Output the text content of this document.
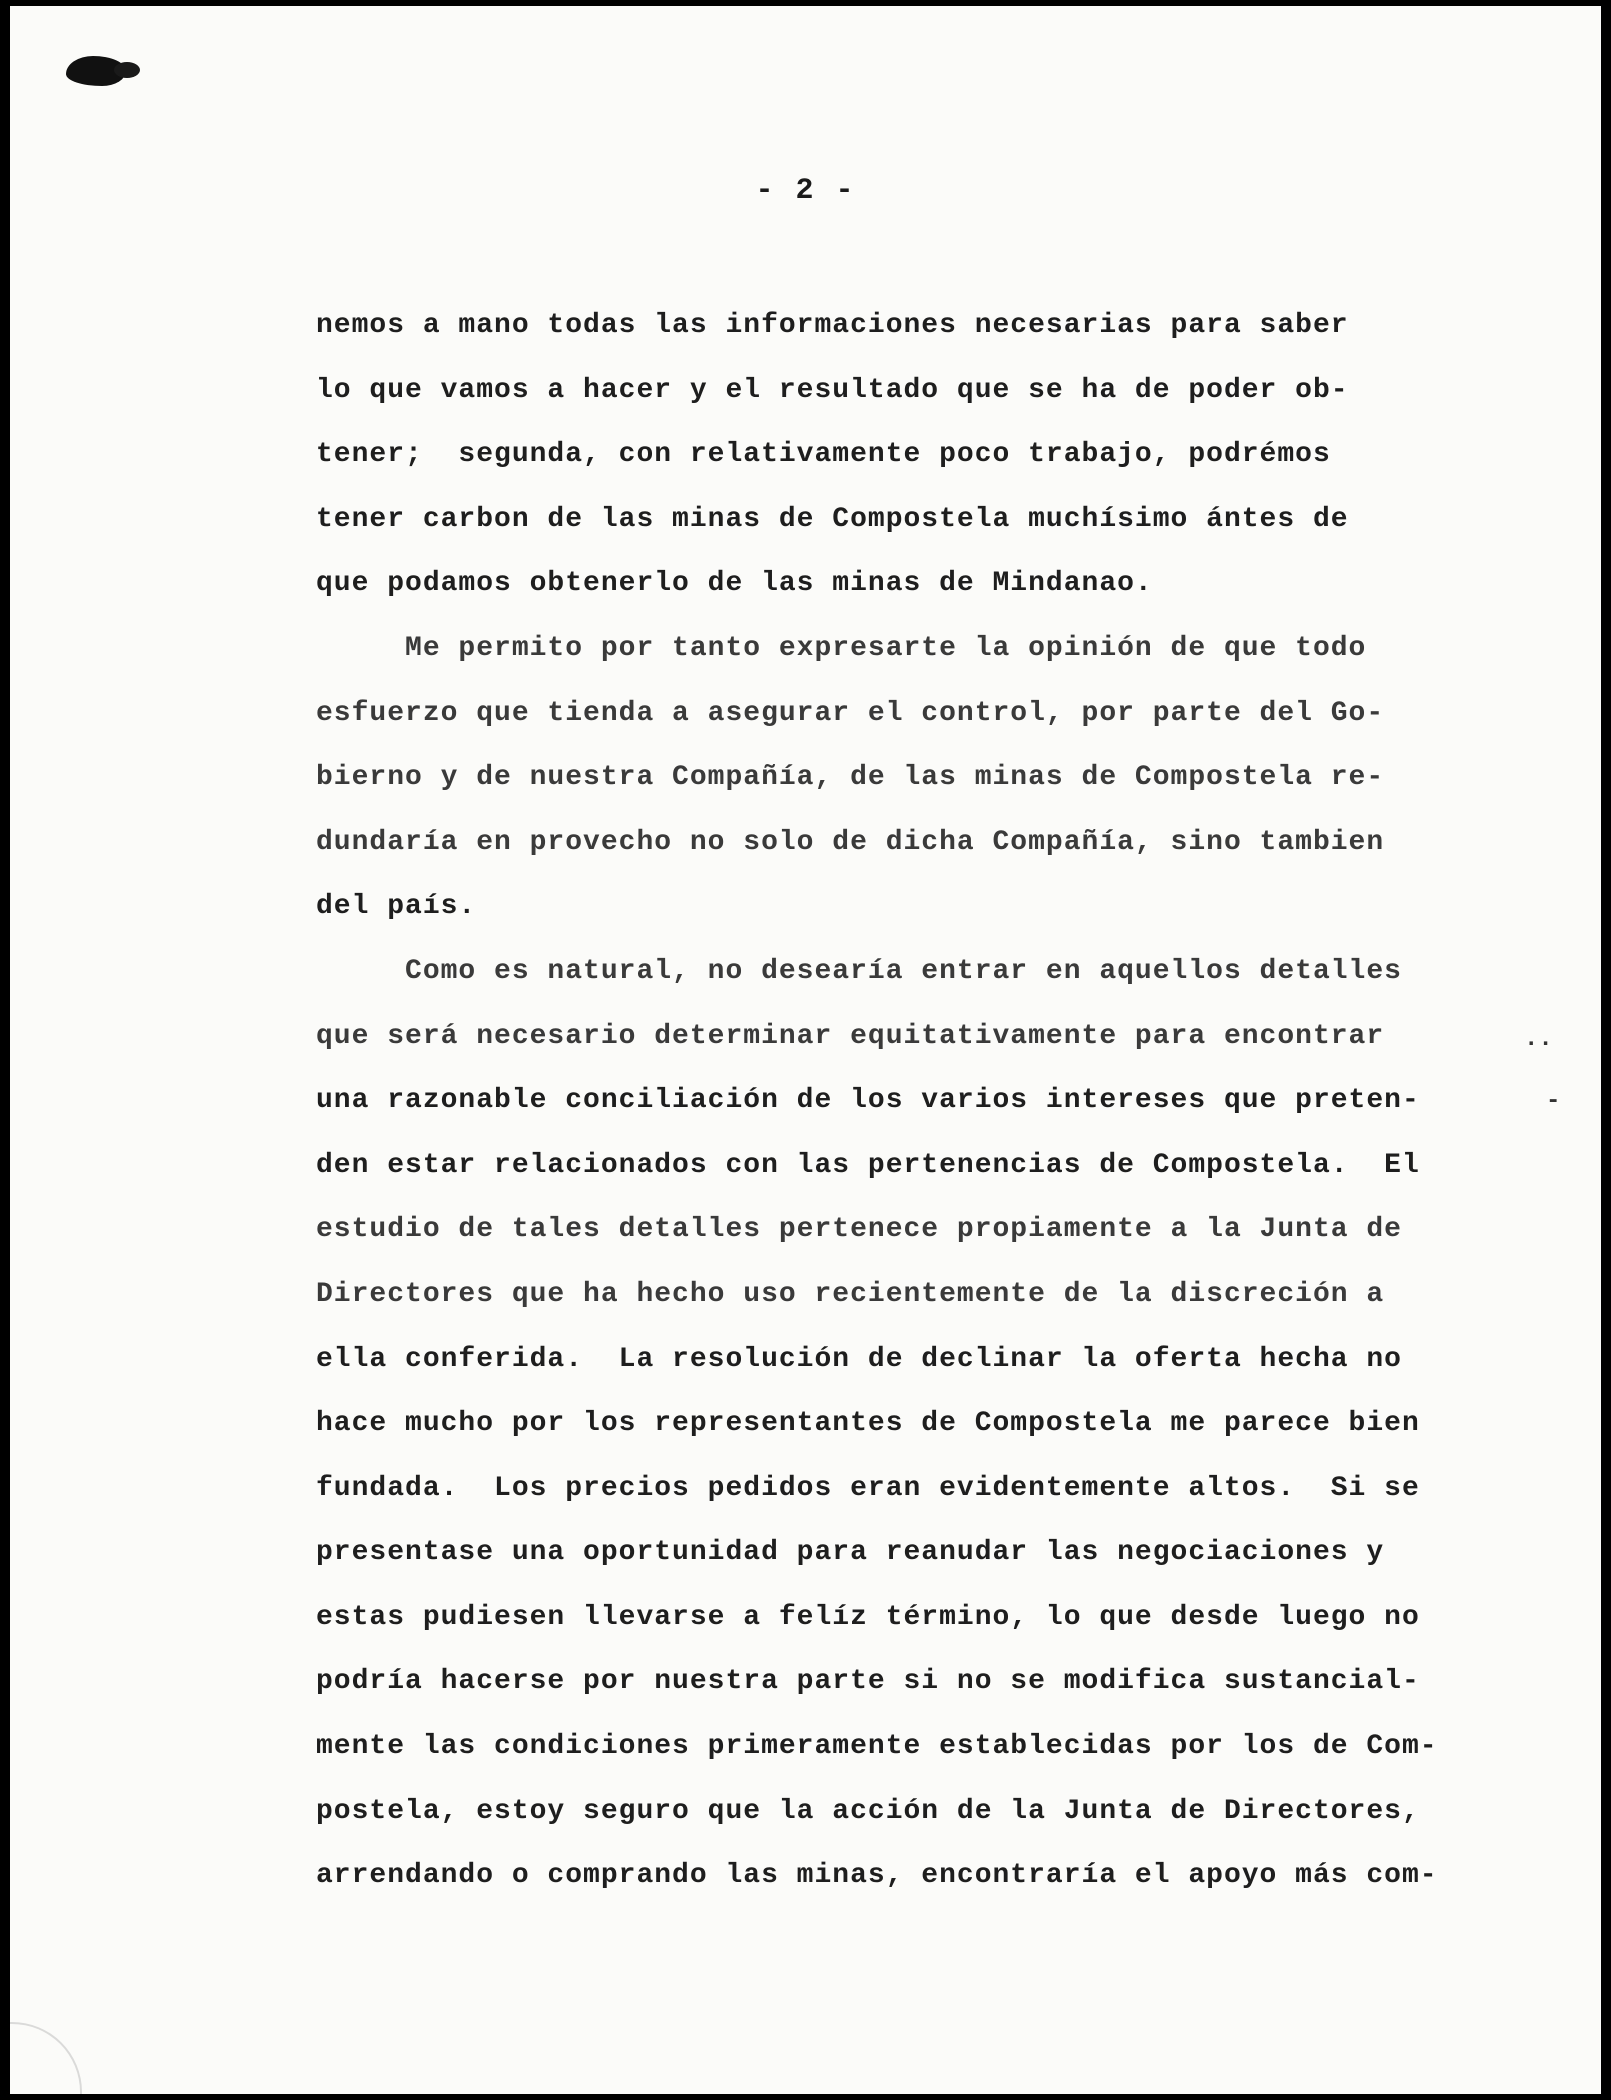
- 2 -
nemos a mano todas las informaciones necesarias para saber
lo que vamos a hacer y el resultado que se ha de poder ob-
tener;  segunda, con relativamente poco trabajo, podrémos
tener carbon de las minas de Compostela muchísimo ántes de
que podamos obtenerlo de las minas de Mindanao.
Me permito por tanto expresarte la opinión de que todo
esfuerzo que tienda a asegurar el control, por parte del Go-
bierno y de nuestra Compañía, de las minas de Compostela re-
dundaría en provecho no solo de dicha Compañía, sino tambien
del país.
Como es natural, no desearía entrar en aquellos detalles
que será necesario determinar equitativamente para encontrar
una razonable conciliación de los varios intereses que preten-
den estar relacionados con las pertenencias de Compostela.  El
estudio de tales detalles pertenece propiamente a la Junta de
Directores que ha hecho uso recientemente de la discreción a
ella conferida.  La resolución de declinar la oferta hecha no
hace mucho por los representantes de Compostela me parece bien
fundada.  Los precios pedidos eran evidentemente altos.  Si se
presentase una oportunidad para reanudar las negociaciones y
estas pudiesen llevarse a felíz término, lo que desde luego no
podría hacerse por nuestra parte si no se modifica sustancial-
mente las condiciones primeramente establecidas por los de Com-
postela, estoy seguro que la acción de la Junta de Directores,
arrendando o comprando las minas, encontraría el apoyo más com-
..
-
